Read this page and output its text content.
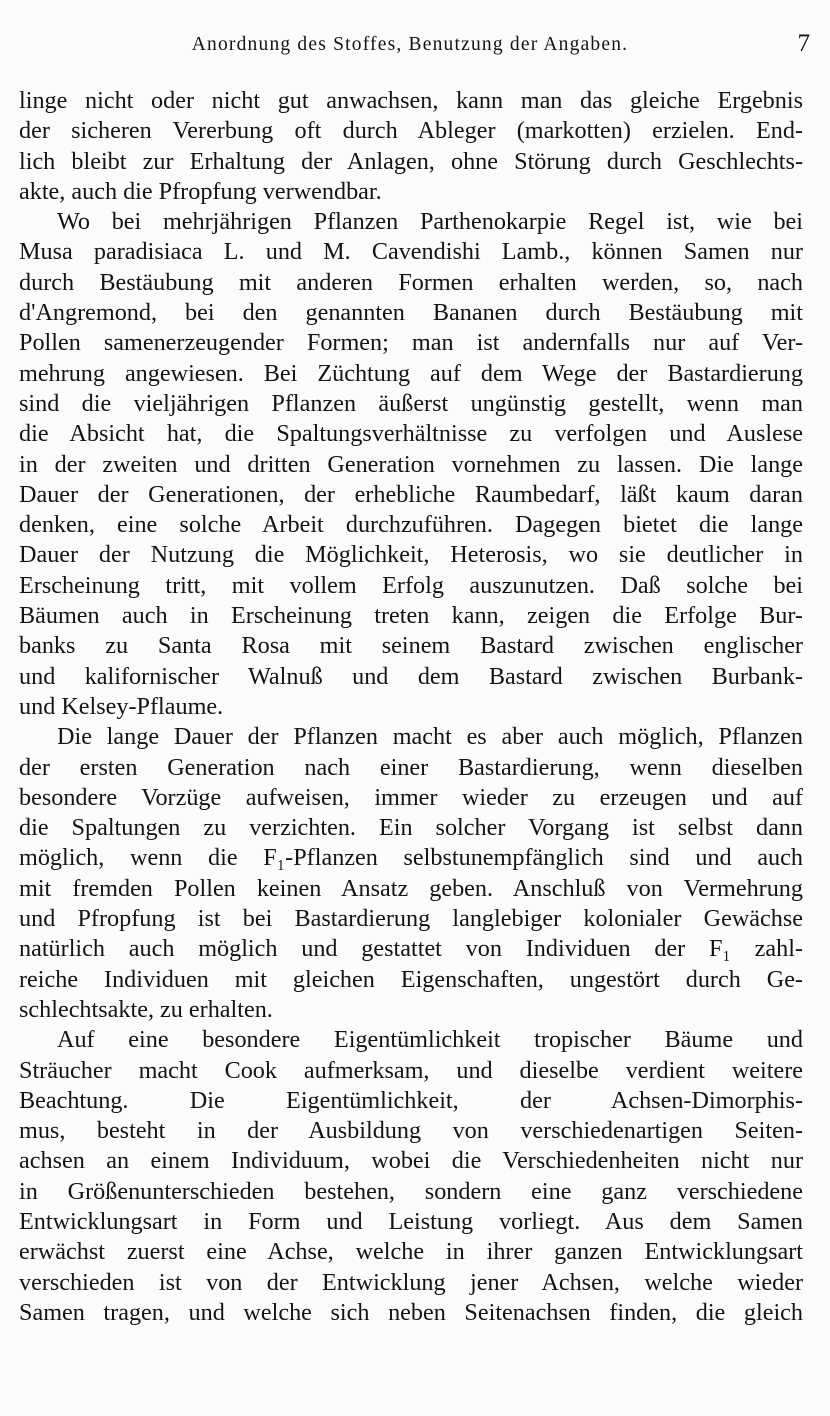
Anordnung des Stoffes, Benutzung der Angaben.	7
linge nicht oder nicht gut anwachsen, kann man das gleiche Ergebnis
der sicheren Vererbung oft durch Ableger (markotten) erzielen. End-
lich bleibt zur Erhaltung der Anlagen, ohne Störung durch Geschlechts-
akte, auch die Pfropfung verwendbar.
Wo bei mehrjährigen Pflanzen Parthenokarpie Regel ist, wie bei
Musa paradisiaca L. und M. Cavendishi Lamb., können Samen nur
durch Bestäubung mit anderen Formen erhalten werden, so, nach
d'Angremond, bei den genannten Bananen durch Bestäubung mit
Pollen samenerzeugender Formen; man ist andernfalls nur auf Ver-
mehrung angewiesen. Bei Züchtung auf dem Wege der Bastardierung
sind die vieljährigen Pflanzen äußerst ungünstig gestellt, wenn man
die Absicht hat, die Spaltungsverhältnisse zu verfolgen und Auslese
in der zweiten und dritten Generation vornehmen zu lassen. Die lange
Dauer der Generationen, der erhebliche Raumbedarf, läßt kaum daran
denken, eine solche Arbeit durchzuführen. Dagegen bietet die lange
Dauer der Nutzung die Möglichkeit, Heterosis, wo sie deutlicher in
Erscheinung tritt, mit vollem Erfolg auszunutzen. Daß solche bei
Bäumen auch in Erscheinung treten kann, zeigen die Erfolge Bur-
banks zu Santa Rosa mit seinem Bastard zwischen englischer
und kalifornischer Walnuß und dem Bastard zwischen Burbank-
und Kelsey-Pflaume.
Die lange Dauer der Pflanzen macht es aber auch möglich, Pflanzen
der ersten Generation nach einer Bastardierung, wenn dieselben
besondere Vorzüge aufweisen, immer wieder zu erzeugen und auf
die Spaltungen zu verzichten. Ein solcher Vorgang ist selbst dann
möglich, wenn die F₁-Pflanzen selbstunempfänglich sind und auch
mit fremden Pollen keinen Ansatz geben. Anschluß von Vermehrung
und Pfropfung ist bei Bastardierung langlebiger kolonialer Gewächse
natürlich auch möglich und gestattet von Individuen der F₁ zahl-
reiche Individuen mit gleichen Eigenschaften, ungestört durch Ge-
schlechtsakte, zu erhalten.
Auf eine besondere Eigentümlichkeit tropischer Bäume und
Sträucher macht Cook aufmerksam, und dieselbe verdient weitere
Beachtung. Die Eigentümlichkeit, der Achsen-Dimorphis-
mus, besteht in der Ausbildung von verschiedenartigen Seiten-
achsen an einem Individuum, wobei die Verschiedenheiten nicht nur
in Größenunterschieden bestehen, sondern eine ganz verschiedene
Entwicklungsart in Form und Leistung vorliegt. Aus dem Samen
erwächst zuerst eine Achse, welche in ihrer ganzen Entwicklungsart
verschieden ist von der Entwicklung jener Achsen, welche wieder
Samen tragen, und welche sich neben Seitenachsen finden, die gleich
